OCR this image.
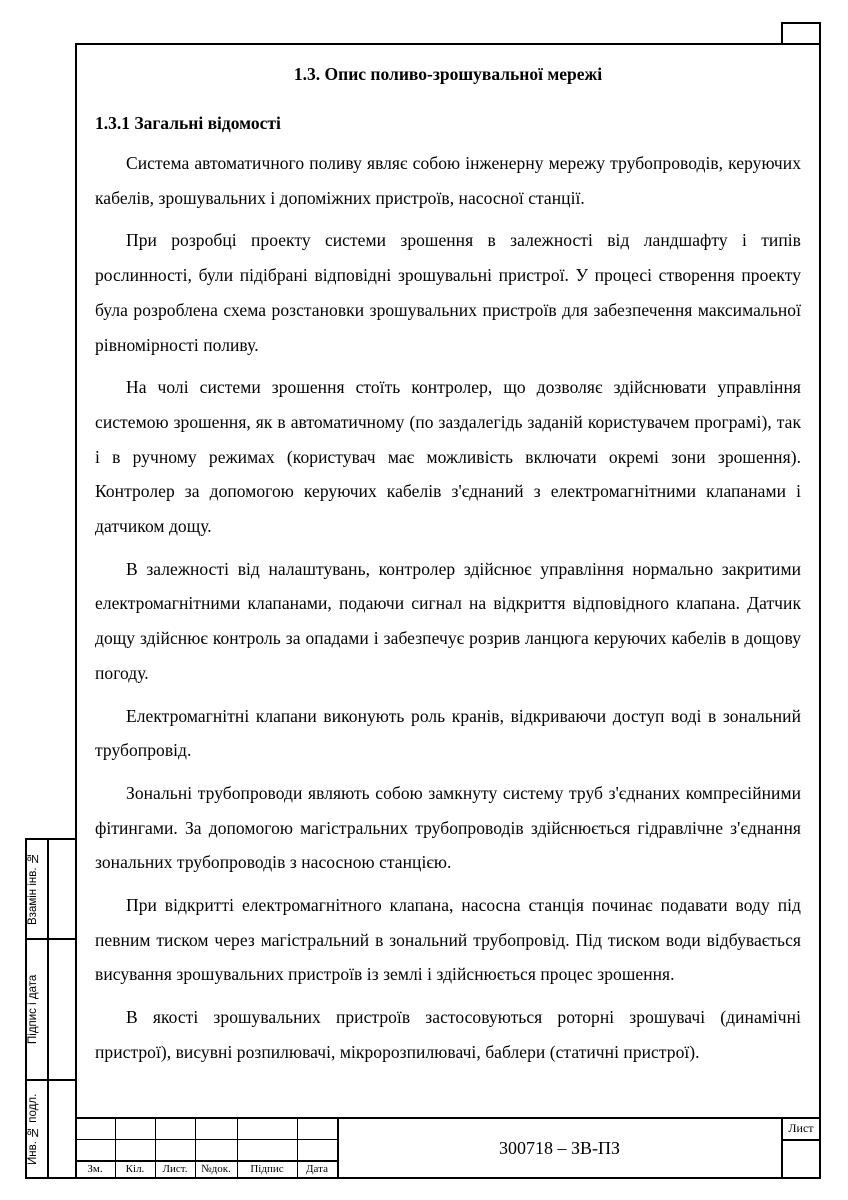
1.3. Опис поливо-зрошувальної мережі
1.3.1 Загальні відомості

Система автоматичного поливу являє собою інженерну мережу трубопроводів, керуючих кабелів, зрошувальних і допоміжних пристроїв, насосної станції.

При розробці проекту системи зрошення в залежності від ландшафту і типів рослинності, були підібрані відповідні зрошувальні пристрої. У процесі створення проекту була розроблена схема розстановки зрошувальних пристроїв для забезпечення максимальної рівномірності поливу.

На чолі системи зрошення стоїть контролер, що дозволяє здійснювати управління системою зрошення, як в автоматичному (по заздалегідь заданій користувачем програмі), так і в ручному режимах (користувач має можливість включати окремі зони зрошення). Контролер за допомогою керуючих кабелів з'єднаний з електромагнітними клапанами і датчиком дощу.

В залежності від налаштувань, контролер здійснює управління нормально закритими електромагнітними клапанами, подаючи сигнал на відкриття відповідного клапана. Датчик дощу здійснює контроль за опадами і забезпечує розрив ланцюга керуючих кабелів в дощову погоду.

Електромагнітні клапани виконують роль кранів, відкриваючи доступ воді в зональний трубопровід.

Зональні трубопроводи являють собою замкнуту систему труб з'єднаних компресійними фітингами. За допомогою магістральних трубопроводів здійснюється гідравлічне з'єднання зональних трубопроводів з насосною станцією.

При відкритті електромагнітного клапана, насосна станція починає подавати воду під певним тиском через магістральний в зональний трубопровід. Під тиском води відбувається висування зрошувальних пристроїв із землі і здійснюється процес зрошення.

В якості зрошувальних пристроїв застосовуються роторні зрошувачі (динамічні пристрої), висувні розпилювачі, мікророзпилювачі, баблери (статичні пристрої).

Взамін інв. №
Підпис і дата
Инв. № подл.
Зм.	Кіл.	Лист.	№док.	Підпис	Дата
300718 – ЗВ-ПЗ
Лист
